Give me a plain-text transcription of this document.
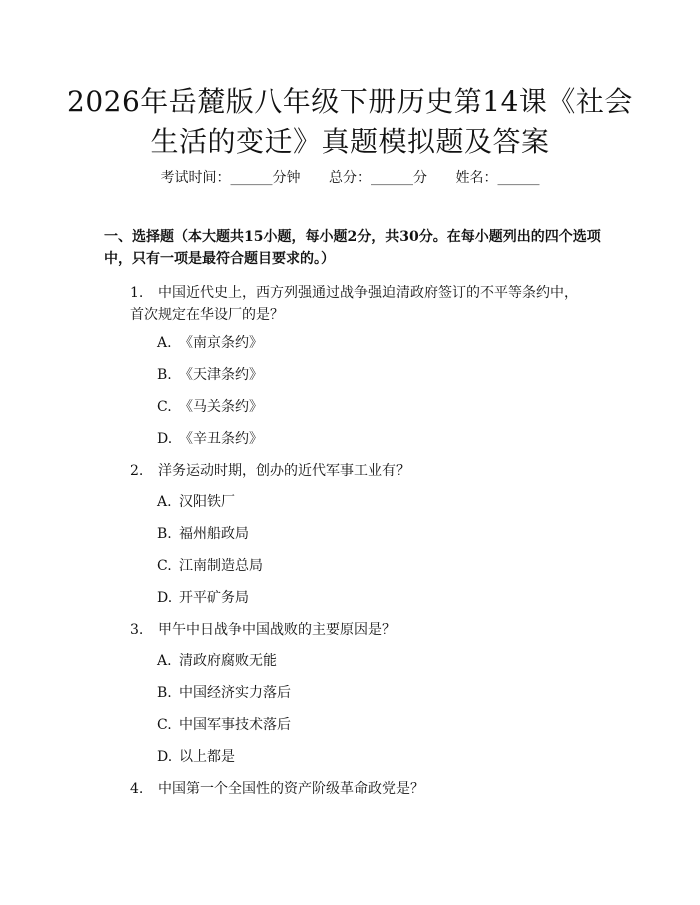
2026年岳麓版八年级下册历史第14课《社会生活的变迁》真题模拟题及答案
考试时间：______分钟 总分：______分 姓名：______
一、选择题（本大题共15小题，每小题2分，共30分。在每小题列出的四个选项中，只有一项是最符合题目要求的。）
1. 中国近代史上，西方列强通过战争强迫清政府签订的不平等条约中，首次规定在华设厂的是？
A. 《南京条约》
B. 《天津条约》
C. 《马关条约》
D. 《辛丑条约》
2. 洋务运动时期，创办的近代军事工业有？
A. 汉阳铁厂
B. 福州船政局
C. 江南制造总局
D. 开平矿务局
3. 甲午中日战争中国战败的主要原因是？
A. 清政府腐败无能
B. 中国经济实力落后
C. 中国军事技术落后
D. 以上都是
4. 中国第一个全国性的资产阶级革命政党是？
